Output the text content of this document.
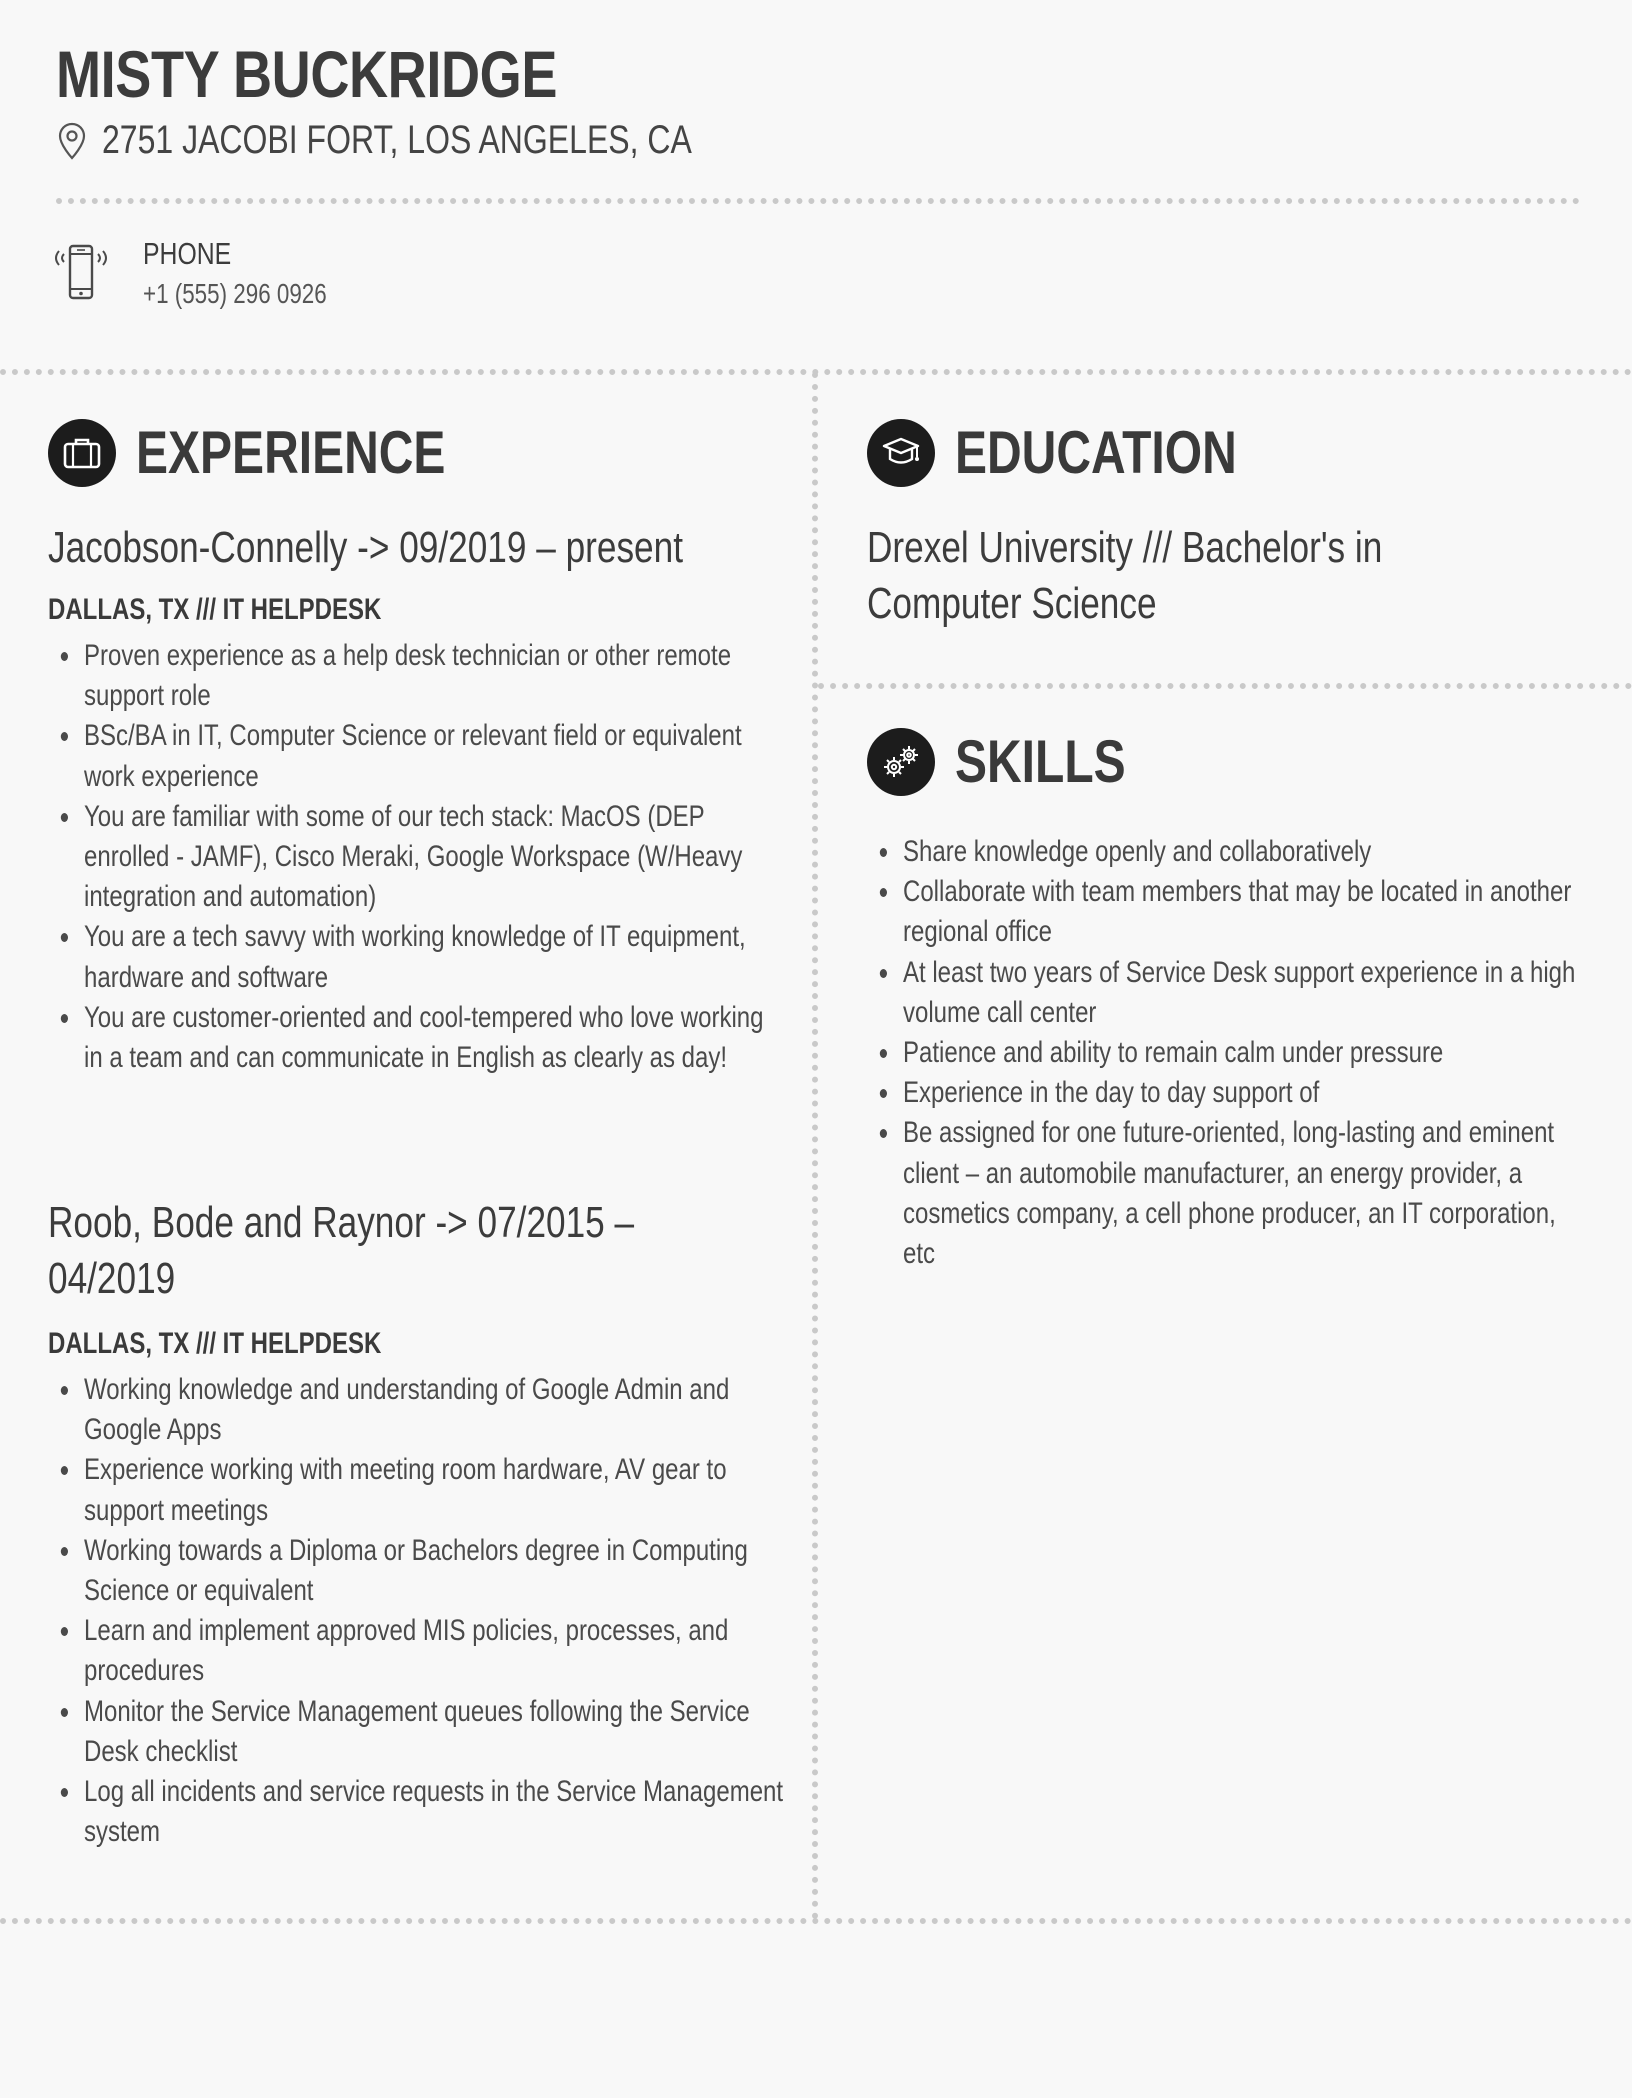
MISTY BUCKRIDGE
2751 JACOBI FORT, LOS ANGELES, CA
PHONE
+1 (555) 296 0926
EXPERIENCE

Jacobson-Connelly -> 09/2019 – present

DALLAS, TX /// IT HELPDESK

Proven experience as a help desk technician or other remote support role
BSc/BA in IT, Computer Science or relevant field or equivalent work experience
You are familiar with some of our tech stack: MacOS (DEP enrolled - JAMF), Cisco Meraki, Google Workspace (W/Heavy integration and automation)
You are a tech savvy with working knowledge of IT equipment, hardware and software
You are customer-oriented and cool-tempered who love working in a team and can communicate in English as clearly as day!

Roob, Bode and Raynor -> 07/2015 – 04/2019

DALLAS, TX /// IT HELPDESK

Working knowledge and understanding of Google Admin and Google Apps
Experience working with meeting room hardware, AV gear to support meetings
Working towards a Diploma or Bachelors degree in Computing Science or equivalent
Learn and implement approved MIS policies, processes, and procedures
Monitor the Service Management queues following the Service Desk checklist
Log all incidents and service requests in the Service Management system
EDUCATION

Drexel University /// Bachelor's in Computer Science

SKILLS
Share knowledge openly and collaboratively
Collaborate with team members that may be located in another regional office
At least two years of Service Desk support experience in a high volume call center
Patience and ability to remain calm under pressure
Experience in the day to day support of
Be assigned for one future-oriented, long-lasting and eminent client – an automobile manufacturer, an energy provider, a cosmetics company, a cell phone producer, an IT corporation, etc
